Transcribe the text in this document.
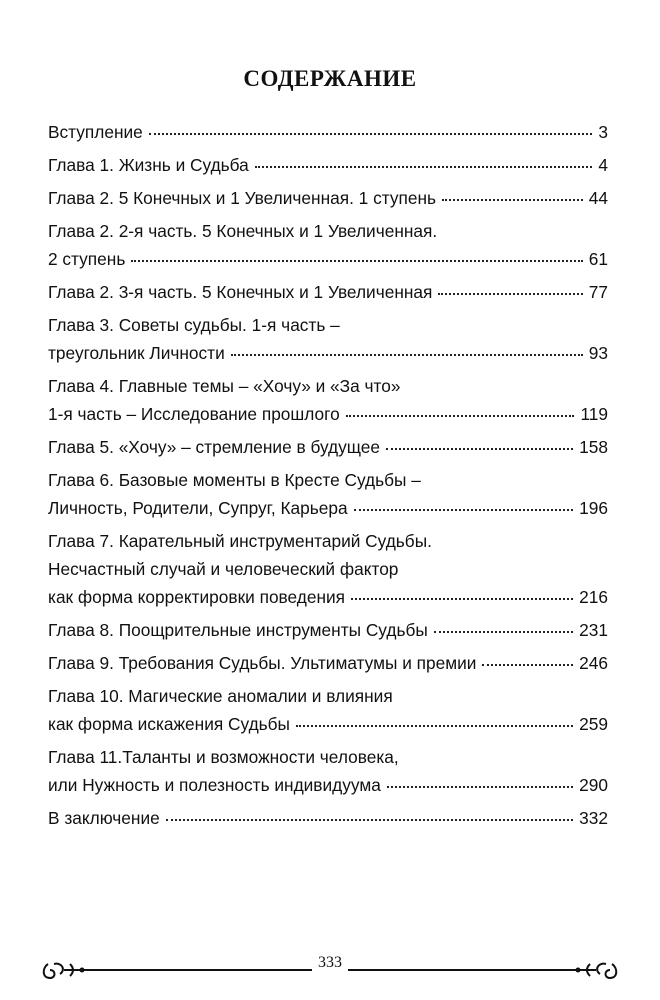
СОДЕРЖАНИЕ
Вступление	3
Глава 1. Жизнь и Судьба	4
Глава 2. 5 Конечных и 1 Увеличенная. 1 ступень	44
Глава 2. 2-я часть. 5 Конечных и 1 Увеличенная.
2 ступень	61
Глава 2. 3-я часть. 5 Конечных и 1 Увеличенная	77
Глава 3. Советы судьбы. 1-я часть –
треугольник Личности	93
Глава 4. Главные темы – «Хочу» и «За что»
1-я часть – Исследование прошлого	119
Глава 5. «Хочу» – стремление в будущее	158
Глава 6. Базовые моменты в Кресте Судьбы –
Личность, Родители, Супруг, Карьера	196
Глава 7. Карательный инструментарий Судьбы.
Несчастный случай и человеческий фактор
как форма корректировки поведения	216
Глава 8. Поощрительные инструменты Судьбы	231
Глава 9. Требования Судьбы. Ультиматумы и премии	246
Глава 10. Магические аномалии и влияния
как форма искажения Судьбы	259
Глава 11.Таланты и возможности человека,
или Нужность и полезность индивидуума	290
В заключение	332
333
